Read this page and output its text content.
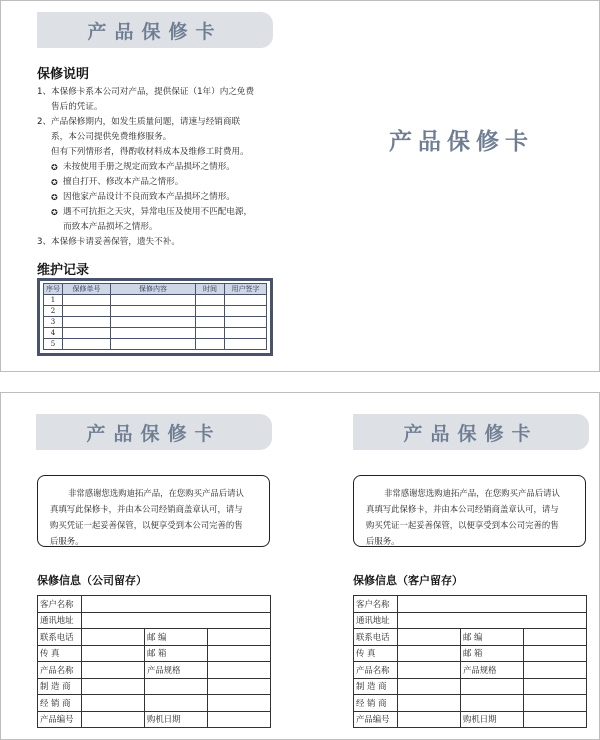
产品保修卡
保修说明
1、 本保修卡系本公司对产品，提供保证（1年）内之免费
售后的凭证。
2、 产品保修期内，如发生质量问题，请速与经销商联
系，本公司提供免费维修服务。
但有下列情形者，得酌收材料成本及维修工时费用。
✪ 未按使用手册之规定而致本产品损坏之情形。
✪ 擅自打开、修改本产品之情形。
✪ 因他家产品设计不良而致本产品损坏之情形。
✪ 遇不可抗拒之天灾，异常电压及使用不匹配电源，
而致本产品损坏之情形。
3、 本保修卡请妥善保管，遗失不补。
产品保修卡
维护记录
序号	保修单号	保修内容	时间	用户签字
1				
2				
3				
4				
5				
产品保修卡
非常感谢您选购迪拓产品，在您购买产品后请认
真填写此保修卡，并由本公司经销商盖章认可，请与
购买凭证一起妥善保管，以便享受到本公司完善的售
后服务。
保修信息（公司留存）
客户名称			
通讯地址			
联系电话		邮 编	
传 真		邮 箱	
产品名称		产品规格	
制 造 商			
经 销 商			
产品编号		购机日期	
产品保修卡
非常感谢您选购迪拓产品，在您购买产品后请认
真填写此保修卡，并由本公司经销商盖章认可，请与
购买凭证一起妥善保管，以便享受到本公司完善的售
后服务。
保修信息（客户留存）
客户名称			
通讯地址			
联系电话		邮 编	
传 真		邮 箱	
产品名称		产品规格	
制 造 商			
经 销 商			
产品编号		购机日期	
